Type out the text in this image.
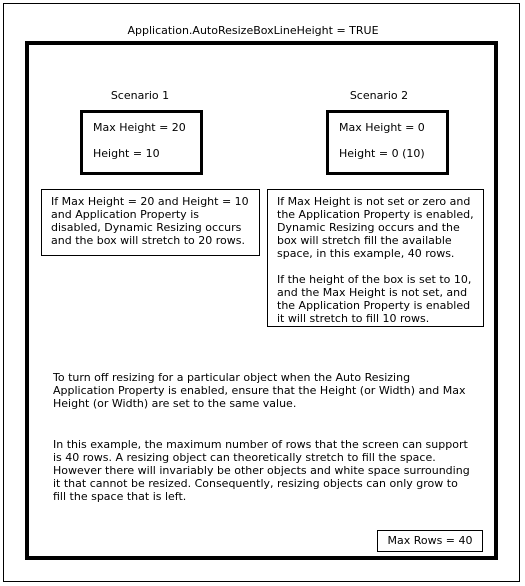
Application.AutoResizeBoxLineHeight = TRUE
Scenario 1
Max Height = 20
Height = 10

If Max Height = 20 and Height = 10 and Application Property is disabled, Dynamic Resizing occurs and the box will stretch to 20 rows.

Scenario 2
Max Height = 0
Height = 0 (10)

If Max Height is not set or zero and the Application Property is enabled, Dynamic Resizing occurs and the box will stretch fill the available space, in this example, 40 rows.

If the height of the box is set to 10, and the Max Height is not set, and the Application Property is enabled it will stretch to fill 10 rows.

To turn off resizing for a particular object when the Auto Resizing Application Property is enabled, ensure that the Height (or Width) and Max Height (or Width) are set to the same value.

In this example, the maximum number of rows that the screen can support is 40 rows. A resizing object can theoretically stretch to fill the space. However there will invariably be other objects and white space surrounding it that cannot be resized. Consequently, resizing objects can only grow to fill the space that is left.

Max Rows = 40
